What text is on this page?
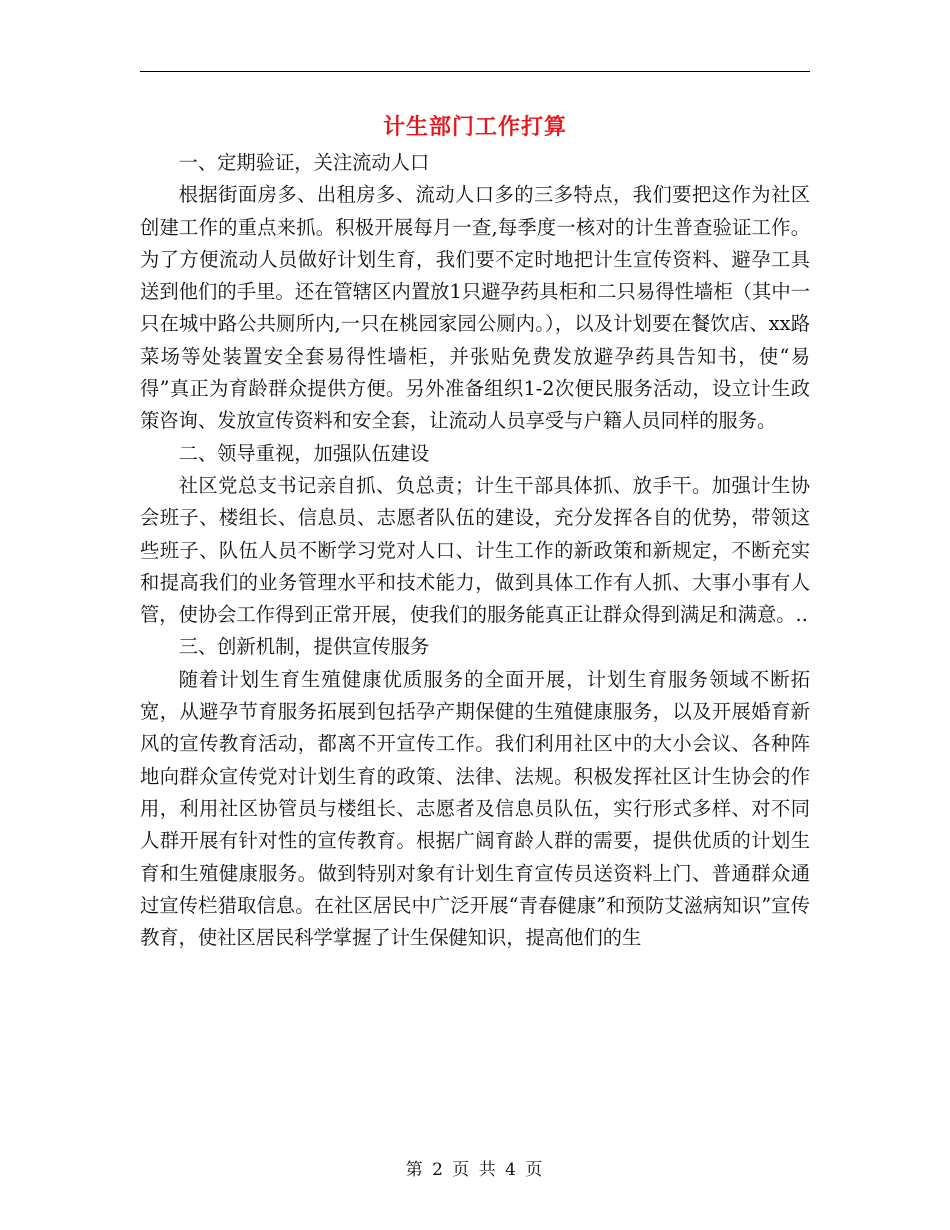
计生部门工作打算

一、定期验证，关注流动人口

根据街面房多、出租房多、流动人口多的三多特点，我们要把这作为社区创建工作的重点来抓。积极开展每月一查,每季度一核对的计生普查验证工作。为了方便流动人员做好计划生育，我们要不定时地把计生宣传资料、避孕工具送到他们的手里。还在管辖区内置放1只避孕药具柜和二只易得性墙柜（其中一只在城中路公共厕所内,一只在桃园家园公厕内。），以及计划要在餐饮店、xx路菜场等处装置安全套易得性墙柜，并张贴免费发放避孕药具告知书，使“易得”真正为育龄群众提供方便。另外准备组织1-2次便民服务活动，设立计生政策咨询、发放宣传资料和安全套，让流动人员享受与户籍人员同样的服务。

二、领导重视，加强队伍建设

社区党总支书记亲自抓、负总责；计生干部具体抓、放手干。加强计生协会班子、楼组长、信息员、志愿者队伍的建设，充分发挥各自的优势，带领这些班子、队伍人员不断学习党对人口、计生工作的新政策和新规定，不断充实和提高我们的业务管理水平和技术能力，做到具体工作有人抓、大事小事有人管，使协会工作得到正常开展，使我们的服务能真正让群众得到满足和满意。..

三、创新机制，提供宣传服务

随着计划生育生殖健康优质服务的全面开展，计划生育服务领域不断拓宽，从避孕节育服务拓展到包括孕产期保健的生殖健康服务，以及开展婚育新风的宣传教育活动，都离不开宣传工作。我们利用社区中的大小会议、各种阵地向群众宣传党对计划生育的政策、法律、法规。积极发挥社区计生协会的作用，利用社区协管员与楼组长、志愿者及信息员队伍，实行形式多样、对不同人群开展有针对性的宣传教育。根据广阔育龄人群的需要，提供优质的计划生育和生殖健康服务。做到特别对象有计划生育宣传员送资料上门、普通群众通过宣传栏猎取信息。在社区居民中广泛开展“青春健康”和预防艾滋病知识”宣传教育，使社区居民科学掌握了计生保健知识，提高他们的生

第 2 页 共 4 页
